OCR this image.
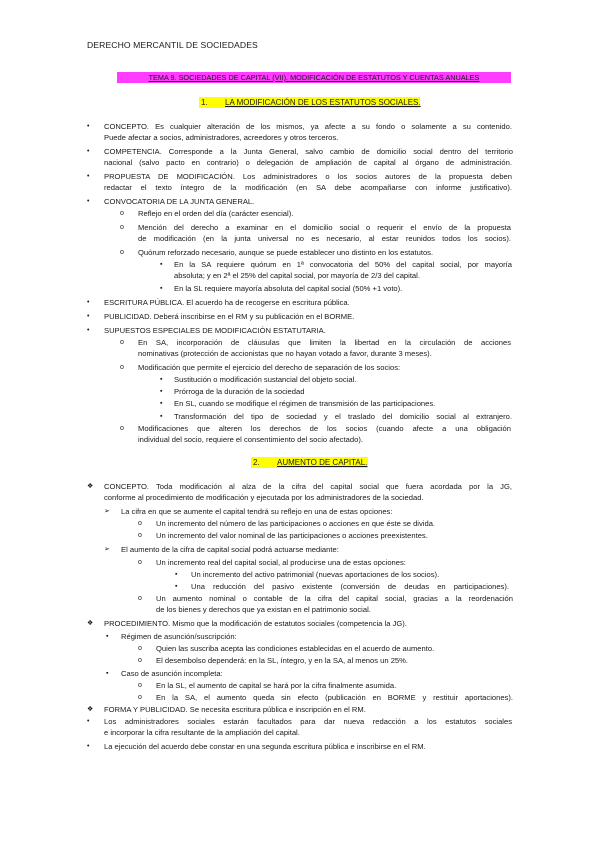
DERECHO MERCANTIL DE SOCIEDADES
TEMA 9. SOCIEDADES DE CAPITAL (VII). MODIFICACIÓN DE ESTATUTOS Y CUENTAS ANUALES
1. LA MODIFICACIÓN DE LOS ESTATUTOS SOCIALES.
2. AUMENTO DE CAPITAL.
• CONCEPTO. Es cualquier alteración de los mismos, ya afecte a su fondo o solamente a su contenido.
Puede afectar a socios, administradores, acreedores y otros terceros.
• COMPETENCIA. Corresponde a la Junta General, salvo cambio de domicilio social dentro del territorio
nacional (salvo pacto en contrario) o delegación de ampliación de capital al órgano de administración.
• PROPUESTA DE MODIFICACIÓN. Los administradores o los socios autores de la propuesta deben
redactar el texto íntegro de la modificación (en SA debe acompañarse con informe justificativo).
• CONVOCATORIA DE LA JUNTA GENERAL.
o Reflejo en el orden del día (carácter esencial).
o Mención del derecho a examinar en el domicilio social o requerir el envío de la propuesta
de modificación (en la junta universal no es necesario, al estar reunidos todos los socios).
o Quórum reforzado necesario, aunque se puede establecer uno distinto en los estatutos.
▪ En la SA requiere quórum en 1ª convocatoria del 50% del capital social, por mayoría
absoluta; y en 2ª el 25% del capital social, por mayoría de 2/3 del capital.
▪ En la SL requiere mayoría absoluta del capital social (50% +1 voto).
• ESCRITURA PÚBLICA. El acuerdo ha de recogerse en escritura pública.
• PUBLICIDAD. Deberá inscribirse en el RM y su publicación en el BORME.
• SUPUESTOS ESPECIALES DE MODIFICACIÓN ESTATUTARIA.
o En SA, incorporación de cláusulas que limiten la libertad en la circulación de acciones
nominativas (protección de accionistas que no hayan votado a favor, durante 3 meses).
o Modificación que permite el ejercicio del derecho de separación de los socios:
▪ Sustitución o modificación sustancial del objeto social.
▪ Prórroga de la duración de la sociedad
▪ En SL, cuando se modifique el régimen de transmisión de las participaciones.
▪ Transformación del tipo de sociedad y el traslado del domicilio social al extranjero.
o Modificaciones que alteren los derechos de los socios (cuando afecte a una obligación
individual del socio, requiere el consentimiento del socio afectado).
❖ CONCEPTO. Toda modificación al alza de la cifra del capital social que fuera acordada por la JG,
conforme al procedimiento de modificación y ejecutada por los administradores de la sociedad.
➢ La cifra en que se aumente el capital tendrá su reflejo en una de estas opciones:
o Un incremento del número de las participaciones o acciones en que éste se divida.
o Un incremento del valor nominal de las participaciones o acciones preexistentes.
➢ El aumento de la cifra de capital social podrá actuarse mediante:
o Un incremento real del capital social, al producirse una de estas opciones:
▪ Un incremento del activo patrimonial (nuevas aportaciones de los socios).
▪ Una reducción del pasivo existente (conversión de deudas en participaciones).
o Un aumento nominal o contable de la cifra del capital social, gracias a la reordenación
de los bienes y derechos que ya existan en el patrimonio social.
❖ PROCEDIMIENTO. Mismo que la modificación de estatutos sociales (competencia la JG).
▪ Régimen de asunción/suscripción:
o Quien las suscriba acepta las condiciones establecidas en el acuerdo de aumento.
o El desembolso dependerá: en la SL, íntegro, y en la SA, al menos un 25%.
▪ Caso de asunción incompleta:
o En la SL, el aumento de capital se hará por la cifra finalmente asumida.
o En la SA, el aumento queda sin efecto (publicación en BORME y restituir aportaciones).
❖ FORMA Y PUBLICIDAD. Se necesita escritura pública e inscripción en el RM.
• Los administradores sociales estarán facultados para dar nueva redacción a los estatutos sociales
e incorporar la cifra resultante de la ampliación del capital.
• La ejecución del acuerdo debe constar en una segunda escritura pública e inscribirse en el RM.
